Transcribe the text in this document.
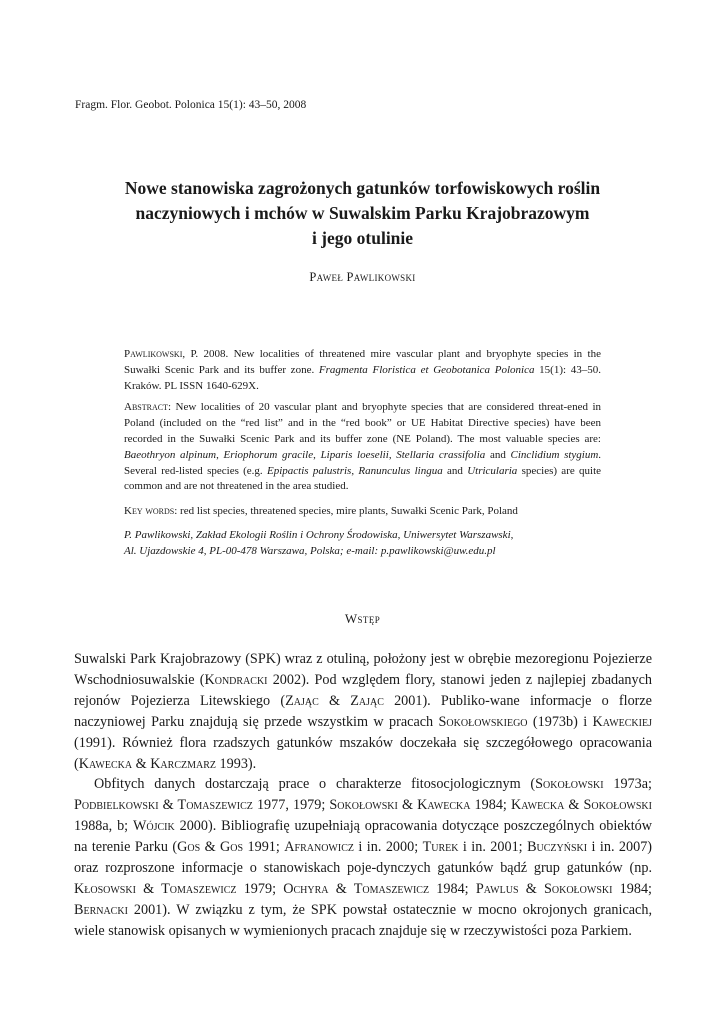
Fragm. Flor. Geobot. Polonica 15(1): 43–50, 2008
Nowe stanowiska zagrożonych gatunków torfowiskowych roślin
naczyniowych i mchów w Suwalskim Parku Krajobrazowym
i jego otulinie
Paweł Pawlikowski

Pawlikowski, P. 2008. New localities of threatened mire vascular plant and bryophyte species in the Suwałki Scenic Park and its buffer zone. Fragmenta Floristica et Geobotanica Polonica 15(1): 43–50. Kraków. PL ISSN 1640-629X.

Abstract: New localities of 20 vascular plant and bryophyte species that are considered threat-ened in Poland (included on the “red list” and in the “red book” or UE Habitat Directive species) have been recorded in the Suwałki Scenic Park and its buffer zone (NE Poland). The most valuable species are: Baeothryon alpinum, Eriophorum gracile, Liparis loeselii, Stellaria crassifolia and Cinclidium stygium. Several red-listed species (e.g. Epipactis palustris, Ranunculus lingua and Utricularia species) are quite common and are not threatened in the area studied.

Key words: red list species, threatened species, mire plants, Suwałki Scenic Park, Poland

P. Pawlikowski, Zakład Ekologii Roślin i Ochrony Środowiska, Uniwersytet Warszawski,
Al. Ujazdowskie 4, PL-00-478 Warszawa, Polska; e-mail: p.pawlikowski@uw.edu.pl

Wstęp

Suwalski Park Krajobrazowy (SPK) wraz z otuliną, położony jest w obrębie mezoregionu Pojezierze Wschodniosuwalskie (Kondracki 2002). Pod względem flory, stanowi jeden z najlepiej zbadanych rejonów Pojezierza Litewskiego (Zając & Zając 2001). Publiko-wane informacje o florze naczyniowej Parku znajdują się przede wszystkim w pracach Sokołowskiego (1973b) i Kaweckiej (1991). Również flora rzadszych gatunków mszaków doczekała się szczegółowego opracowania (Kawecka & Karczmarz 1993).

Obfitych danych dostarczają prace o charakterze fitosocjologicznym (Sokołowski 1973a; Podbielkowski & Tomaszewicz 1977, 1979; Sokołowski & Kawecka 1984; Kawecka & Sokołowski 1988a, b; Wójcik 2000). Bibliografię uzupełniają opracowania dotyczące poszczególnych obiektów na terenie Parku (Gos & Gos 1991; Afranowicz i in. 2000; Turek i in. 2001; Buczyński i in. 2007) oraz rozproszone informacje o stanowiskach poje-dynczych gatunków bądź grup gatunków (np. Kłosowski & Tomaszewicz 1979; Ochyra & Tomaszewicz 1984; Pawlus & Sokołowski 1984; Bernacki 2001). W związku z tym, że SPK powstał ostatecznie w mocno okrojonych granicach, wiele stanowisk opisanych w wymienionych pracach znajduje się w rzeczywistości poza Parkiem.
